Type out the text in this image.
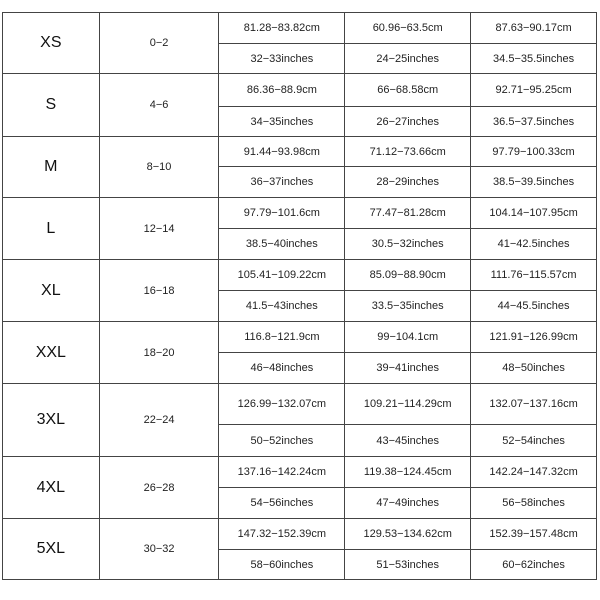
XS	0−2	81.28−83.82cm	60.96−63.5cm	87.63−90.17cm
		32−33inches	24−25inches	34.5−35.5inches
S	4−6	86.36−88.9cm	66−68.58cm	92.71−95.25cm
		34−35inches	26−27inches	36.5−37.5inches
M	8−10	91.44−93.98cm	71.12−73.66cm	97.79−100.33cm
		36−37inches	28−29inches	38.5−39.5inches
L	12−14	97.79−101.6cm	77.47−81.28cm	104.14−107.95cm
		38.5−40inches	30.5−32inches	41−42.5inches
XL	16−18	105.41−109.22cm	85.09−88.90cm	111.76−115.57cm
		41.5−43inches	33.5−35inches	44−45.5inches
XXL	18−20	116.8−121.9cm	99−104.1cm	121.91−126.99cm
		46−48inches	39−41inches	48−50inches
3XL	22−24	126.99−132.07cm	109.21−114.29cm	132.07−137.16cm
		50−52inches	43−45inches	52−54inches
4XL	26−28	137.16−142.24cm	119.38−124.45cm	142.24−147.32cm
		54−56inches	47−49inches	56−58inches
5XL	30−32	147.32−152.39cm	129.53−134.62cm	152.39−157.48cm
		58−60inches	51−53inches	60−62inches
